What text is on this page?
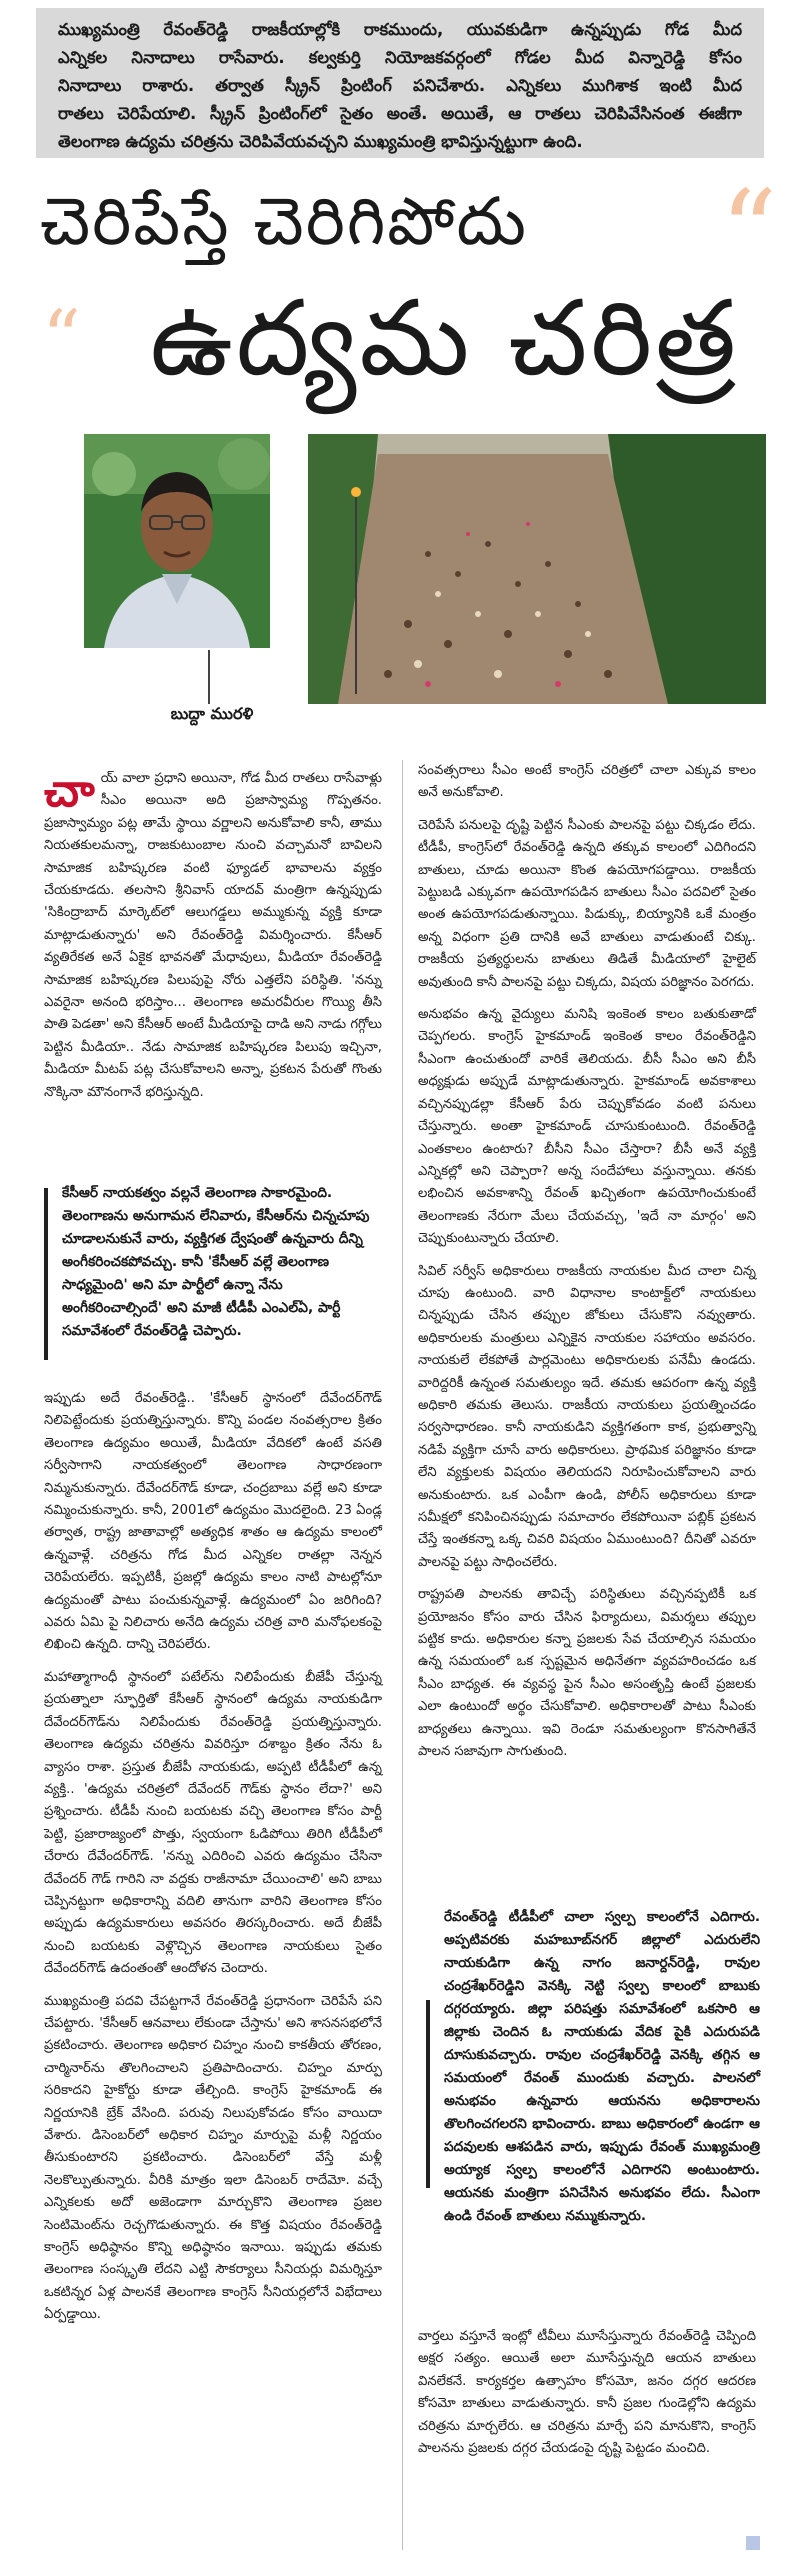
ముఖ్యమంత్రి రేవంత్‌రెడ్డి రాజకీయాల్లోకి రాకముందు, యువకుడిగా ఉన్నప్పుడు గోడ మీద

ఎన్నికల నినాదాలు రాసేవారు. కల్వకుర్తి నియోజకవర్గంలో గోడల మీద విన్నారెడ్డి కోసం

నినాదాలు రాశారు. తర్వాత స్క్రీన్ ప్రింటింగ్ పనిచేశారు. ఎన్నికలు ముగిశాక ఇంటి మీద

రాతలు చెరిపేయాలి. స్క్రీన్ ప్రింటింగ్‌లో సైతం అంతే. అయితే, ఆ రాతలు చెరిపివేసినంత ఈజీగా

తెలంగాణ ఉద్యమ చరిత్రను చెరిపివేయవచ్చని ముఖ్యమంత్రి భావిస్తున్నట్టుగా ఉంది.

“
చెరిపేస్తే చెరిగిపోదు
“ ఉద్యమ చరిత్ర
బుద్దా మురళి

చాయ్ వాలా ప్రధాని అయినా, గోడ మీద రాతలు రాసేవాళ్లు సీఎం అయినా అది ప్రజాస్వామ్య గొప్పతనం. ప్రజాస్వామ్యం పట్ల తామే స్థాయి వర్ణాలని అనుకోవాలి కానీ, తాము నియతకులమన్నా, రాజకుటుంబాల నుంచి వచ్చామనో బావిలని సామాజిక బహిష్కరణ వంటి ఫ్యూడల్ భావాలను వ్యక్తం చేయకూడదు. తలసాని శ్రీనివాస్ యాదవ్ మంత్రిగా ఉన్నప్పుడు 'సికింద్రాబాద్ మార్కెట్‌లో ఆలుగడ్డలు అమ్ముకున్న వ్యక్తి కూడా మాట్లాడుతున్నారు' అని రేవంత్‌రెడ్డి విమర్శించారు. కేసీఆర్ వ్యతిరేకత అనే ఏకైక భావనతో మేధావులు, మీడియా రేవంత్‌రెడ్డి సామాజిక బహిష్కరణ పిలుపుపై నోరు ఎత్తలేని పరిస్థితి. 'నన్ను ఎవరైనా అనంది భరిస్తాం... తెలంగాణ అమరవీరుల గొయ్యి తీసి పాతి పెడతా' అని కేసీఆర్ అంటే మీడియాపై దాడి అని నాడు గగ్గోలు పెట్టిన మీడియా.. నేడు సామాజిక బహిష్కరణ పిలుపు ఇచ్చినా, మీడియా మీటప్ పట్ల చేసుకోవాలని అన్నా, ప్రకటన పేరుతో గొంతు నొక్కినా మౌనంగానే భరిస్తున్నది.

కేసీఆర్ నాయకత్వం వల్లనే తెలంగాణ సాకారమైంది. తెలంగాణను అనుగామన లేనివారు, కేసీఆర్‌ను చిన్నచూపు చూడాలనుకునే వారు, వ్యక్తిగత ద్వేషంతో ఉన్నవారు దీన్ని అంగీకరించకపోవచ్చు. కానీ 'కేసీఆర్ వల్లే తెలంగాణ సాధ్యమైంది' అని మా పార్టీలో ఉన్నా నేను అంగీకరించాల్సిందే' అని మాజీ టీడీపీ ఎంఎల్‌ఏ, పార్టీ సమావేశంలో రేవంత్‌రెడ్డి చెప్పారు.

ఇప్పుడు అదే రేవంత్‌రెడ్డి.. 'కేసీఆర్ స్థానంలో దేవేందర్‌గౌడ్ నిలిపెట్టేందుకు ప్రయత్నిస్తున్నారు. కొన్ని పండల నంవత్సరాల క్రితం తెలంగాణ ఉద్యమం అయితే, మీడియా వేదికలో ఉంటే వసతి సర్వీసాగాని నాయకత్వంలో తెలంగాణ సాధారణంగా నిమ్మనుకున్నారు. దేవేందర్‌గౌడ్ కూడా, చంద్రబాబు వల్లే అని కూడా నమ్మించుకున్నారు. కానీ, 2001లో ఉద్యమం మొదలైంది. 23 ఏండ్ల తర్వాత, రాష్ట్ర జాతావాల్లో అత్యధిక శాతం ఆ ఉద్యమ కాలంలో ఉన్నవాళ్లే. చరిత్రను గోడ మీద ఎన్నికల రాతల్లా నెన్నన చెరిపేయలేరు. ఇప్పటికీ, ప్రజల్లో ఉద్యమ కాలం నాటి పాటల్లోనూ ఉద్యమంతో పాటు పంచుకున్నవాళ్లే. ఉద్యమంలో ఏం జరిగింది? ఎవరు ఏమి పై నిలిచారు అనేది ఉద్యమ చరిత్ర వారి మనోఫలకంపై లిఖించి ఉన్నది. దాన్ని చెరిపలేరు.

మహాత్మాగాంధీ స్థానంలో పటేల్‌ను నిలిపేందుకు బీజేపీ చేస్తున్న ప్రయత్నాలా స్ఫూర్తితో కేసీఆర్ స్థానంలో ఉద్యమ నాయకుడిగా దేవేందర్‌గౌడ్‌ను నిలిపేందుకు రేవంత్‌రెడ్డి ప్రయత్నిస్తున్నారు. తెలంగాణ ఉద్యమ చరిత్రను వివరిస్తూ దశాబ్దం క్రితం నేను ఓ వ్యాసం రాశా. ప్రస్తుత బీజేపీ నాయకుడు, అప్పటి టీడీపీలో ఉన్న వ్యక్తి.. 'ఉద్యమ చరిత్రలో దేవేందర్ గౌడ్‌కు స్థానం లేదా?' అని ప్రశ్నించారు. టీడీపీ నుంచి బయటకు వచ్చి తెలంగాణ కోసం పార్టీ పెట్టి, ప్రజారాజ్యంలో పొత్తు, స్వయంగా ఓడిపోయి తిరిగి టీడీపీలో చేరారు దేవేందర్‌గౌడ్. 'నన్ను ఎదిరించి ఎవరు ఉద్యమం చేసినా దేవేందర్ గౌడ్ గారిని నా వద్దకు రాజీనామా చేయించాలి' అని బాబు చెప్పినట్టుగా అధికారాన్ని వదిలి తానుగా వారిని తెలంగాణ కోసం అప్పుడు ఉద్యమకారులు అవసరం తిరస్కరించారు. అదే బీజేపీ నుంచి బయటకు వెళ్లొచ్చిన తెలంగాణ నాయకులు సైతం దేవేందర్‌గౌడ్ ఉదంతంతో ఆందోళన చెందారు.

ముఖ్యమంత్రి పదవి చేపట్టగానే రేవంత్‌రెడ్డి ప్రధానంగా చెరిపేసే పని చేపట్టారు. 'కేసీఆర్ ఆనవాలు లేకుండా చేస్తాను' అని శాసనసభలోనే ప్రకటించారు. తెలంగాణ అధికార చిహ్నం నుంచి కాకతీయ తోరణం, చార్మినార్‌ను తొలగించాలని ప్రతిపాదించారు. చిహ్నం మార్పు సరికాదని హైకోర్టు కూడా తేల్చింది. కాంగ్రెస్ హైకమాండ్ ఈ నిర్ణయానికి బ్రేక్ వేసింది. పరువు నిలుపుకోవడం కోసం వాయిదా వేశారు. డిసెంబర్‌లో అధికార చిహ్నం మార్పుపై మళ్లీ నిర్ణయం తీసుకుంటారని ప్రకటించారు. డిసెంబర్‌లో వేస్తే మళ్లీ నెలకొల్పుతున్నారు. వీరికి మాత్రం ఇలా డిసెంబర్ రాదేమో. వచ్చే ఎన్నికలకు అదో అజెండాగా మార్చుకొని తెలంగాణ ప్రజల సెంటిమెంట్‌ను రెచ్చగొడుతున్నారు. ఈ కొత్త విషయం రేవంత్‌రెడ్డి కాంగ్రెస్ అధిష్ఠానం కొన్ని అధిష్ఠానం ఇనాయి. ఇప్పుడు తమకు తెలంగాణ సంస్కృతి లేదని ఎట్టి సౌకర్యాలు సీనియర్లు విమర్శిస్తూ ఒకటిన్నర ఏళ్ల పాలనకే తెలంగాణ కాంగ్రెస్ సీనియర్లలోనే విభేదాలు ఏర్పడ్డాయి.

సంవత్సరాలు సీఎం అంటే కాంగ్రెస్ చరిత్రలో చాలా ఎక్కువ కాలం అనే అనుకోవాలి.

చెరిపేసే పనులపై దృష్టి పెట్టిన సీఎంకు పాలనపై పట్టు చిక్కడం లేదు. టీడీపీ, కాంగ్రెస్‌లో రేవంత్‌రెడ్డి ఉన్నది తక్కువ కాలంలో ఎదిగిందని బాతులు, చూడు అయినా కొంత ఉపయోగపడ్డాయి. రాజకీయ పెట్టుబడి ఎక్కువగా ఉపయోగపడిన బాతులు సీఎం పదవిలో సైతం అంత ఉపయోగపడుతున్నాయి. పిడుక్కు, బియ్యానికి ఒకే మంత్రం అన్న విధంగా ప్రతి దానికి అవే బాతులు వాడుతుంటే చిక్కు. రాజకీయ ప్రత్యర్థులను బాతులు తిడితే మీడియాలో హైలైట్ అవుతుంది కానీ పాలనపై పట్టు చిక్కదు, విషయ పరిజ్ఞానం పెరగదు.

అనుభవం ఉన్న వైద్యులు మనిషి ఇంకెంత కాలం బతుకుతాడో చెప్పగలరు. కాంగ్రెస్ హైకమాండ్ ఇంకెంత కాలం రేవంత్‌రెడ్డిని సీఎంగా ఉంచుతుందో వారికే తెలియదు. బీసీ సీఎం అని బీసీ అధ్యక్షుడు అప్పుడే మాట్లాడుతున్నారు. హైకమాండ్ అవకాశాలు వచ్చినప్పుడల్లా కేసీఆర్ పేరు చెప్పుకోవడం వంటి పనులు చేస్తున్నారు. అంతా హైకమాండ్ చూసుకుంటుంది. రేవంత్‌రెడ్డి ఎంతకాలం ఉంటారు? బీసీని సీఎం చేస్తారా? బీసీ అనే వ్యక్తి ఎన్నికల్లో అని చెప్పారా? అన్న సందేహాలు వస్తున్నాయి. తనకు లభించిన అవకాశాన్ని రేవంత్ ఖచ్చితంగా ఉపయోగించుకుంటే తెలంగాణకు నేరుగా మేలు చేయవచ్చు, 'ఇదే నా మార్గం' అని చెప్పుకుంటున్నారు చేయాలి.

సివిల్ సర్వీస్ అధికారులు రాజకీయ నాయకుల మీద చాలా చిన్న చూపు ఉంటుంది. వారి విధానాల కాంటాక్ట్‌లో నాయకులు చిన్నప్పుడు చేసిన తప్పుల జోకులు చేసుకొని నవ్వుతారు. అధికారులకు మంత్రులు ఎన్నికైన నాయకుల సహాయం అవసరం. నాయకులే లేకపోతే పార్లమెంటు అధికారులకు పనేమీ ఉండదు. వారిద్దరికీ ఉన్నంత సమతుల్యం ఇదే. తమకు ఆపరంగా ఉన్న వ్యక్తి అధికారి తమకు తెలుసు. రాజకీయ నాయకులు ప్రయత్నించడం సర్వసాధారణం. కానీ నాయకుడిని వ్యక్తిగతంగా కాక, ప్రభుత్వాన్ని నడిపే వ్యక్తిగా చూసే వారు అధికారులు. ప్రాథమిక పరిజ్ఞానం కూడా లేని వ్యక్తులకు విషయం తెలియదని నిరూపించుకోవాలని వారు అనుకుంటారు. ఒక ఎంపీగా ఉండి, పోలీస్ అధికారులు కూడా సమీక్షలో కనిపించినప్పుడు సమాచారం లేకపోయినా పబ్లిక్ ప్రకటన చేస్తే ఇంతకన్నా ఒక్క చివరి విషయం ఏముంటుంది? దీనితో ఎవరూ పాలనపై పట్టు సాధించలేరు.

రాష్ట్రపతి పాలనకు తావిచ్చే పరిస్థితులు వచ్చినప్పటికీ ఒక ప్రయోజనం కోసం వారు చేసిన ఫిర్యాదులు, విమర్శలు తప్పుల పట్టిక కాదు. అధికారుల కన్నా ప్రజలకు సేవ చేయాల్సిన సమయం ఉన్న సమయంలో ఒక స్పష్టమైన అధినేతగా వ్యవహరించడం ఒక సీఎం బాధ్యత. ఈ వ్యవస్థ పైన సీఎం అసంతృప్తి ఉంటే ప్రజలకు ఎలా ఉంటుందో అర్థం చేసుకోవాలి. అధికారాలతో పాటు సీఎంకు బాధ్యతలు ఉన్నాయి. ఇవి రెండూ సమతుల్యంగా కొనసాగితేనే పాలన సజావుగా సాగుతుంది.

రేవంత్‌రెడ్డి టీడీపీలో చాలా స్వల్ప కాలంలోనే ఎదిగారు. అప్పటివరకు మహబూబ్‌నగర్ జిల్లాలో ఎదురులేని నాయకుడిగా ఉన్న నాగం జనార్దన్‌రెడ్డి, రావుల చంద్రశేఖర్‌రెడ్డిని వెనక్కి నెట్టి స్వల్ప కాలంలో బాబుకు దగ్గరయ్యారు. జిల్లా పరిషత్తు సమావేశంలో ఒకసారి ఆ జిల్లాకు చెందిన ఓ నాయకుడు వేదిక పైకి ఎదురుపడి దూసుకువచ్చారు. రావుల చంద్రశేఖర్‌రెడ్డి వెనక్కి తగ్గిన ఆ సమయంలో రేవంత్ ముందుకు వచ్చారు. పాలనలో అనుభవం ఉన్నవారు ఆయనను అధికారాలను తొలగించగలరని భావించారు. బాబు అధికారంలో ఉండగా ఆ పదవులకు ఆశపడిన వారు, ఇప్పుడు రేవంత్ ముఖ్యమంత్రి అయ్యాక స్వల్ప కాలంలోనే ఎదిగారని అంటుంటారు. ఆయనకు మంత్రిగా పనిచేసిన అనుభవం లేదు. సీఎంగా ఉండి రేవంత్ బాతులు నమ్ముకున్నారు.

వార్తలు వస్తూనే ఇంట్లో టీవీలు మూసేస్తున్నారు రేవంత్‌రెడ్డి చెప్పింది అక్షర సత్యం. ఆయితే అలా మూసేస్తున్నది ఆయన బాతులు వినలేకనే. కార్యకర్తల ఉత్సాహం కోసమో, జనం దగ్గర ఆదరణ కోసమో బాతులు వాడుతున్నారు. కానీ ప్రజల గుండెల్లోని ఉద్యమ చరిత్రను మార్చలేరు. ఆ చరిత్రను మార్చే పని మానుకొని, కాంగ్రెస్ పాలనను ప్రజలకు దగ్గర చేయడంపై దృష్టి పెట్టడం మంచిది.
